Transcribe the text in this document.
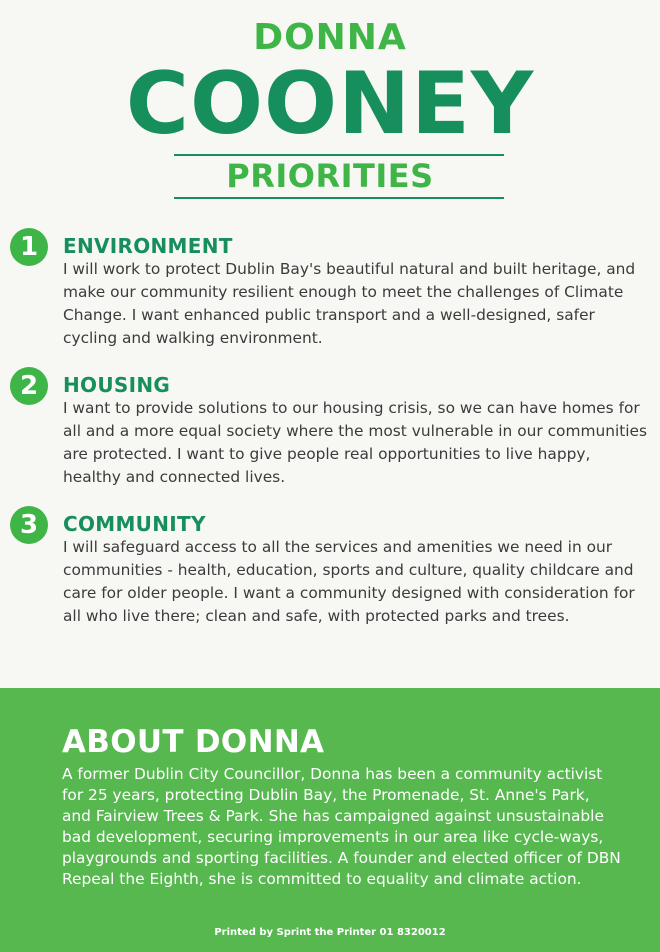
DONNA
COONEY
PRIORITIES
1	ENVIRONMENT

I will work to protect Dublin Bay's beautiful natural and built heritage, and make our community resilient enough to meet the challenges of Climate Change. I want enhanced public transport and a well-designed, safer cycling and walking environment.

2	HOUSING

I want to provide solutions to our housing crisis, so we can have homes for all and a more equal society where the most vulnerable in our communities are protected. I want to give people real opportunities to live happy, healthy and connected lives.

3	COMMUNITY

I will safeguard access to all the services and amenities we need in our communities - health, education, sports and culture, quality childcare and care for older people. I want a community designed with consideration for all who live there; clean and safe, with protected parks and trees.

ABOUT DONNA

A former Dublin City Councillor, Donna has been a community activist for 25 years, protecting Dublin Bay, the Promenade, St. Anne's Park, and Fairview Trees & Park. She has campaigned against unsustainable bad development, securing improvements in our area like cycle-ways, playgrounds and sporting facilities. A founder and elected officer of DBN Repeal the Eighth, she is committed to equality and climate action.

Printed by Sprint the Printer 01 8320012
